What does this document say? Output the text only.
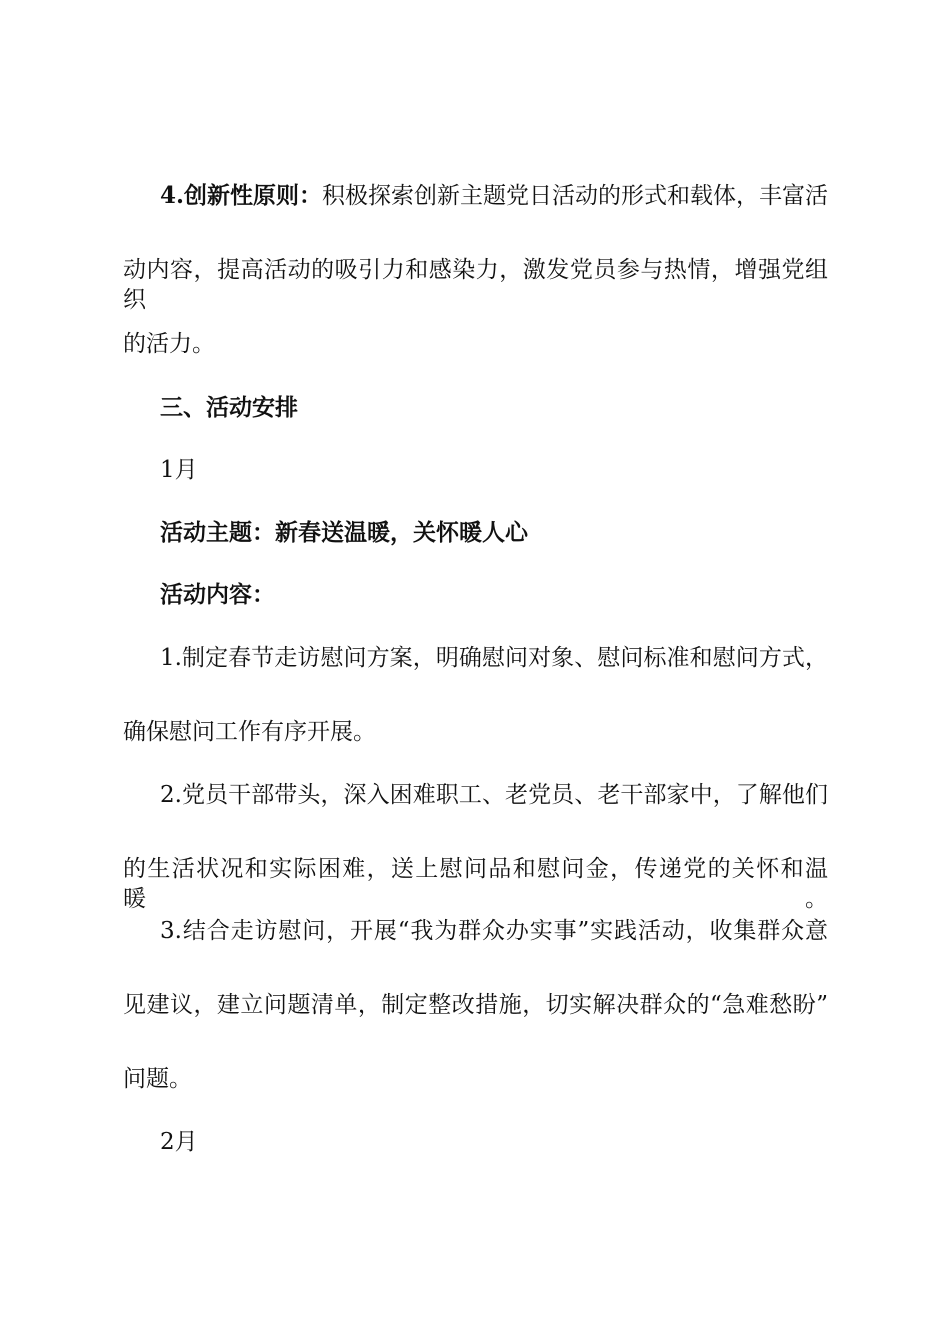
4.创新性原则：积极探索创新主题党日活动的形式和载体，丰富活
动内容，提高活动的吸引力和感染力，激发党员参与热情，增强党组织
的活力。
三、活动安排
1月
活动主题：新春送温暖，关怀暖人心
活动内容：
1.制定春节走访慰问方案，明确慰问对象、慰问标准和慰问方式，
确保慰问工作有序开展。
2.党员干部带头，深入困难职工、老党员、老干部家中，了解他们
的生活状况和实际困难，送上慰问品和慰问金，传递党的关怀和温暖。
3.结合走访慰问，开展“我为群众办实事”实践活动，收集群众意
见建议，建立问题清单，制定整改措施，切实解决群众的“急难愁盼”
问题。
2月
